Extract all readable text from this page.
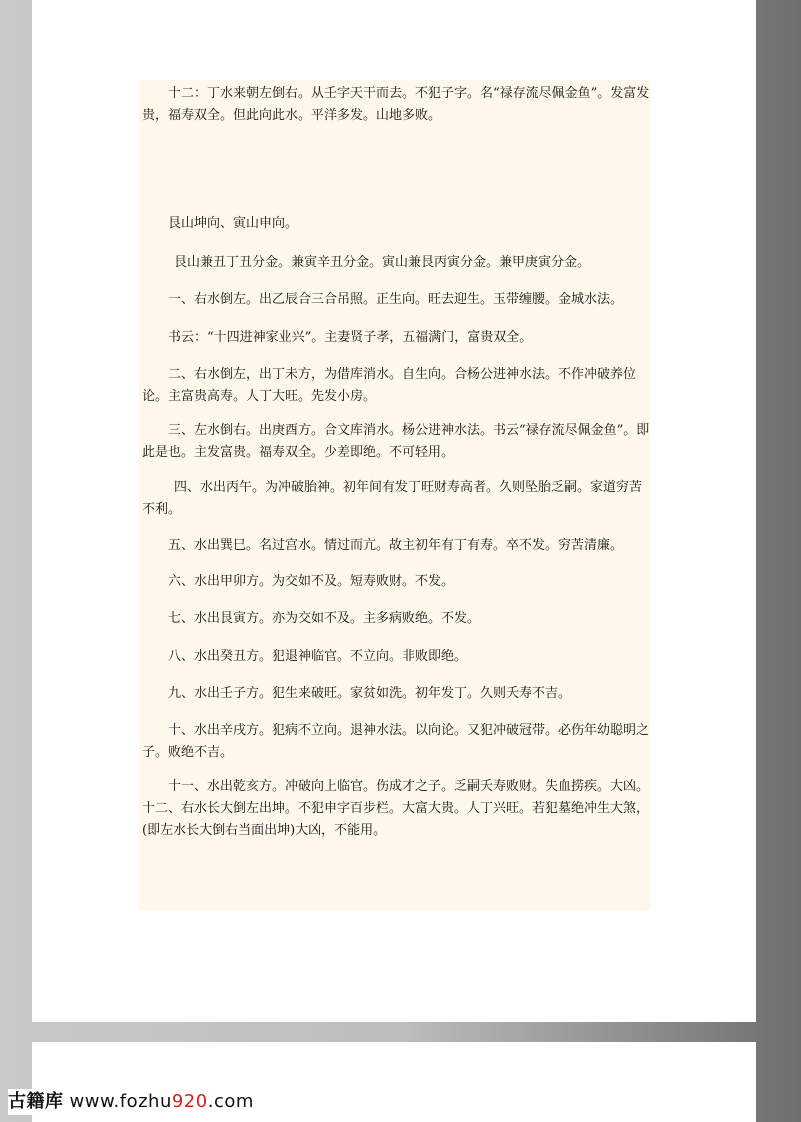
十二：丁水来朝左倒右。从壬字天干而去。不犯子字。名“禄存流尽佩金鱼”。发富发贵，福寿双全。但此向此水。平洋多发。山地多败。

艮山坤向、寅山申向。

艮山兼丑丁丑分金。兼寅辛丑分金。寅山兼艮丙寅分金。兼甲庚寅分金。

一、右水倒左。出乙辰合三合吊照。正生向。旺去迎生。玉带缠腰。金城水法。

书云：“十四进神家业兴”。主妻贤子孝，五福满门，富贵双全。

二、右水倒左，出丁未方，为借库消水。自生向。合杨公进神水法。不作冲破养位论。主富贵高寿。人丁大旺。先发小房。

三、左水倒右。出庚酉方。合文库消水。杨公进神水法。书云“禄存流尽佩金鱼”。即此是也。主发富贵。福寿双全。少差即绝。不可轻用。

四、水出丙午。为冲破胎神。初年间有发丁旺财寿高者。久则坠胎乏嗣。家道穷苦不利。

五、水出巽巳。名过宫水。情过而亢。故主初年有丁有寿。卒不发。穷苦清廉。

六、水出甲卯方。为交如不及。短寿败财。不发。

七、水出艮寅方。亦为交如不及。主多病败绝。不发。

八、水出癸丑方。犯退神临官。不立向。非败即绝。

九、水出壬子方。犯生来破旺。家贫如洗。初年发丁。久则夭寿不吉。

十、水出辛戌方。犯病不立向。退神水法。以向论。又犯冲破冠带。必伤年幼聪明之子。败绝不吉。

十一、水出乾亥方。冲破向上临官。伤成才之子。乏嗣夭寿败财。失血捞疾。大凶。 十二、右水长大倒左出坤。不犯申字百步栏。大富大贵。人丁兴旺。若犯墓绝冲生大煞，(即左水长大倒右当面出坤)大凶，不能用。

古籍库 www.fozhu920.com
